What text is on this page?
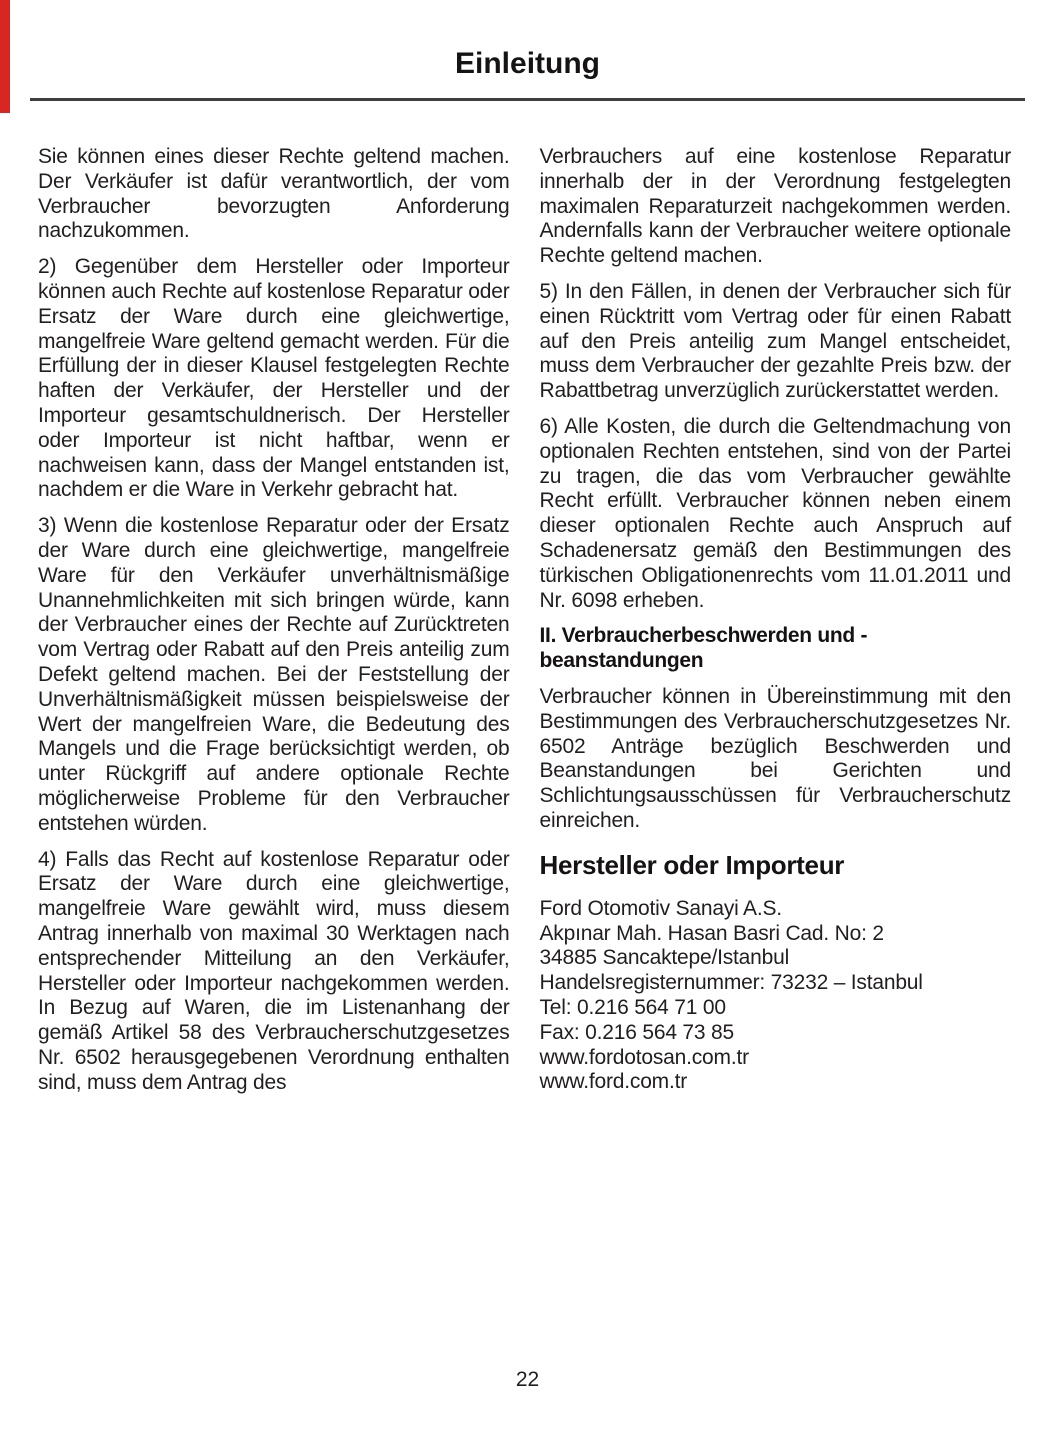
Einleitung

Sie können eines dieser Rechte geltend machen. Der Verkäufer ist dafür verantwortlich, der vom Verbraucher bevorzugten Anforderung nachzukommen.

2) Gegenüber dem Hersteller oder Importeur können auch Rechte auf kostenlose Reparatur oder Ersatz der Ware durch eine gleichwertige, mangelfreie Ware geltend gemacht werden. Für die Erfüllung der in dieser Klausel festgelegten Rechte haften der Verkäufer, der Hersteller und der Importeur gesamtschuldnerisch. Der Hersteller oder Importeur ist nicht haftbar, wenn er nachweisen kann, dass der Mangel entstanden ist, nachdem er die Ware in Verkehr gebracht hat.

3) Wenn die kostenlose Reparatur oder der Ersatz der Ware durch eine gleichwertige, mangelfreie Ware für den Verkäufer unverhältnismäßige Unannehmlichkeiten mit sich bringen würde, kann der Verbraucher eines der Rechte auf Zurücktreten vom Vertrag oder Rabatt auf den Preis anteilig zum Defekt geltend machen. Bei der Feststellung der Unverhältnismäßigkeit müssen beispielsweise der Wert der mangelfreien Ware, die Bedeutung des Mangels und die Frage berücksichtigt werden, ob unter Rückgriff auf andere optionale Rechte möglicherweise Probleme für den Verbraucher entstehen würden.

4) Falls das Recht auf kostenlose Reparatur oder Ersatz der Ware durch eine gleichwertige, mangelfreie Ware gewählt wird, muss diesem Antrag innerhalb von maximal 30 Werktagen nach entsprechender Mitteilung an den Verkäufer, Hersteller oder Importeur nachgekommen werden. In Bezug auf Waren, die im Listenanhang der gemäß Artikel 58 des Verbraucherschutzgesetzes Nr. 6502 herausgegebenen Verordnung enthalten sind, muss dem Antrag des

Verbrauchers auf eine kostenlose Reparatur innerhalb der in der Verordnung festgelegten maximalen Reparaturzeit nachgekommen werden. Andernfalls kann der Verbraucher weitere optionale Rechte geltend machen.

5) In den Fällen, in denen der Verbraucher sich für einen Rücktritt vom Vertrag oder für einen Rabatt auf den Preis anteilig zum Mangel entscheidet, muss dem Verbraucher der gezahlte Preis bzw. der Rabattbetrag unverzüglich zurückerstattet werden.

6) Alle Kosten, die durch die Geltendmachung von optionalen Rechten entstehen, sind von der Partei zu tragen, die das vom Verbraucher gewählte Recht erfüllt. Verbraucher können neben einem dieser optionalen Rechte auch Anspruch auf Schadenersatz gemäß den Bestimmungen des türkischen Obligationenrechts vom 11.01.2011 und Nr. 6098 erheben.

II. Verbraucherbeschwerden und -beanstandungen

Verbraucher können in Übereinstimmung mit den Bestimmungen des Verbraucherschutzgesetzes Nr. 6502 Anträge bezüglich Beschwerden und Beanstandungen bei Gerichten und Schlichtungsausschüssen für Verbraucherschutz einreichen.

Hersteller oder Importeur
Ford Otomotiv Sanayi A.S.
Akpınar Mah. Hasan Basri Cad. No: 2
34885 Sancaktepe/Istanbul
Handelsregisternummer: 73232 – Istanbul
Tel: 0.216 564 71 00
Fax: 0.216 564 73 85
www.fordotosan.com.tr
www.ford.com.tr
22
